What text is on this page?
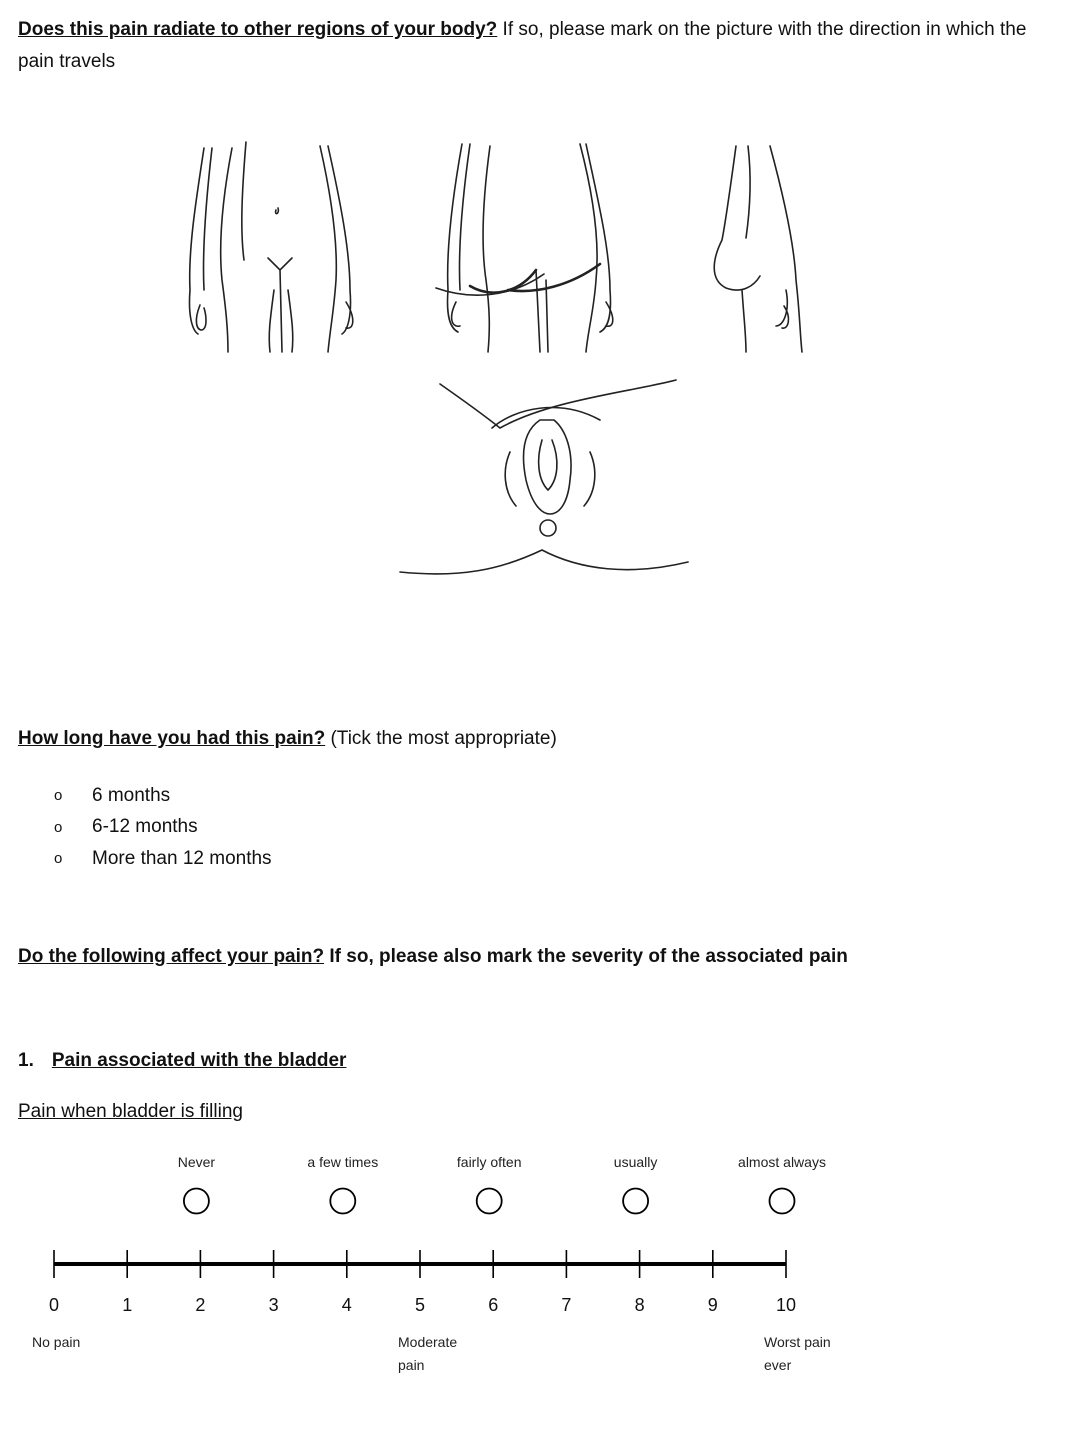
Does this pain radiate to other regions of your body? If so, please mark on the picture with the direction in which the pain travels
How long have you had this pain? (Tick the most appropriate)
o	6 months
o	6-12 months
o	More than 12 months
Do the following affect your pain? If so, please also mark the severity of the associated pain
1. Pain associated with the bladder
Pain when bladder is filling
0	1	2	3	4	5	6	7	8	9	10
Never	a few times	fairly often	usually	almost always
No pain	Moderate
pain
Worst pain
ever
